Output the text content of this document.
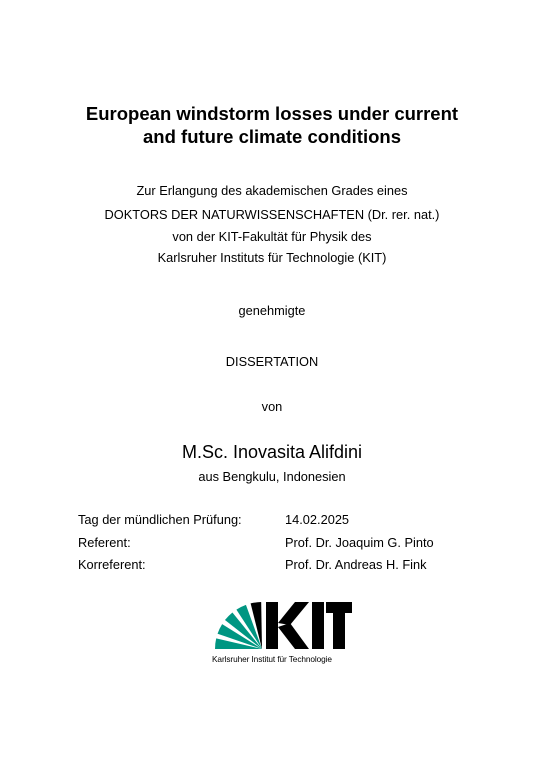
European windstorm losses under current
and future climate conditions
Zur Erlangung des akademischen Grades eines
DOKTORS DER NATURWISSENSCHAFTEN (Dr. rer. nat.)
von der KIT-Fakultät für Physik des
Karlsruher Instituts für Technologie (KIT)
genehmigte
DISSERTATION
von
M.Sc. Inovasita Alifdini
aus Bengkulu, Indonesien
Tag der mündlichen Prüfung:	14.02.2025
Referent:	Prof. Dr. Joaquim G. Pinto
Korreferent:	Prof. Dr. Andreas H. Fink
Karlsruher Institut für Technologie
